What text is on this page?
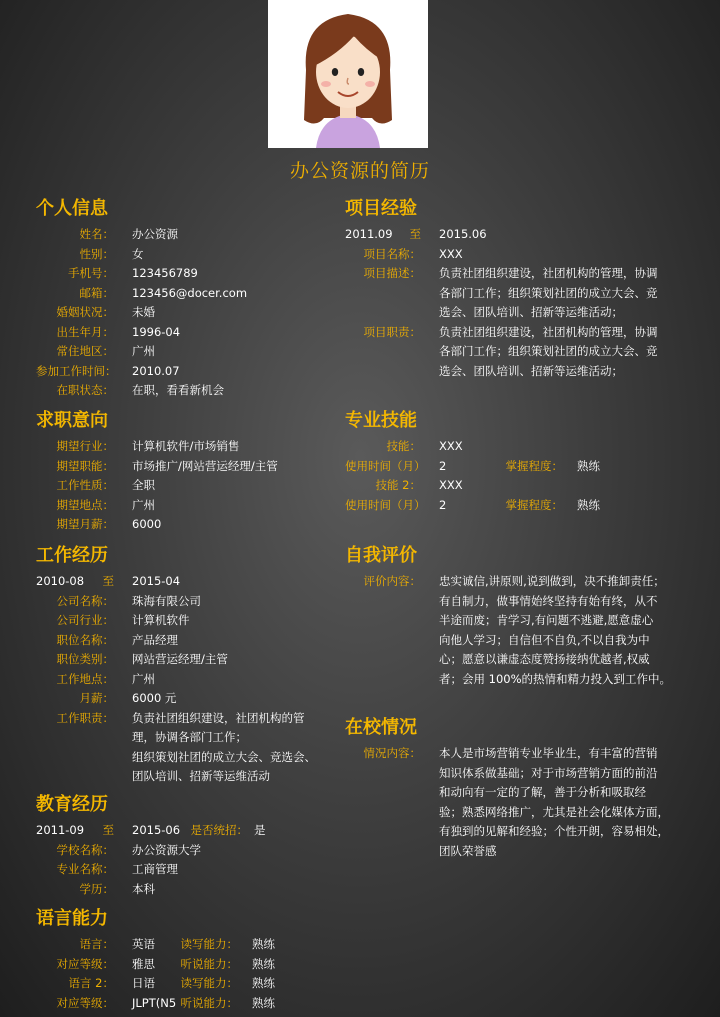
办公资源的简历
个人信息
姓名： 办公资源
性别： 女
手机号： 123456789
邮箱： 123456@docer.com
婚姻状况： 未婚
出生年月： 1996-04
常住地区： 广州
参加工作时间： 2010.07
在职状态： 在职，看看新机会
求职意向
期望行业： 计算机软件/市场销售
期望职能： 市场推广/网站营运经理/主管
工作性质： 全职
期望地点： 广州
期望月薪： 6000
工作经历
2010-08	至 2015-04
公司名称： 珠海有限公司
公司行业： 计算机软件
职位名称： 产品经理
职位类别： 网站营运经理/主管
工作地点： 广州
月薪： 6000 元
工作职责： 负责社团组织建设，社团机构的管
理，协调各部门工作；
组织策划社团的成立大会、竞选会、
团队培训、招新等运维活动
教育经历
2011-09	至 2015-06 是否统招： 是
学校名称： 办公资源大学
专业名称： 工商管理
学历： 本科
语言能力
语言： 英语	读写能力： 熟练
对应等级： 雅思	听说能力： 熟练
语言 2： 日语	读写能力： 熟练
对应等级： JLPT(N5 听说能力： 熟练
项目经验
2011.09	至 2015.06
项目名称： XXX
项目描述： 负责社团组织建设，社团机构的管理，协调
各部门工作；组织策划社团的成立大会、竞
选会、团队培训、招新等运维活动；
项目职责： 负责社团组织建设，社团机构的管理，协调
各部门工作；组织策划社团的成立大会、竞
选会、团队培训、招新等运维活动；
专业技能
技能： XXX
使用时间（月） 2	掌握程度： 熟练
技能 2： XXX
使用时间（月） 2	掌握程度： 熟练
自我评价
评价内容： 忠实诚信,讲原则,说到做到，决不推卸责任；
有自制力，做事情始终坚持有始有终，从不
半途而废；肯学习,有问题不逃避,愿意虚心
向他人学习；自信但不自负,不以自我为中
心；愿意以谦虚态度赞扬接纳优越者,权威
者；会用 100%的热情和精力投入到工作中。
在校情况
情况内容： 本人是市场营销专业毕业生，有丰富的营销
知识体系做基础；对于市场营销方面的前沿
和动向有一定的了解，善于分析和吸取经
验；熟悉网络推广，尤其是社会化媒体方面，
有独到的见解和经验；个性开朗，容易相处，
团队荣誉感
